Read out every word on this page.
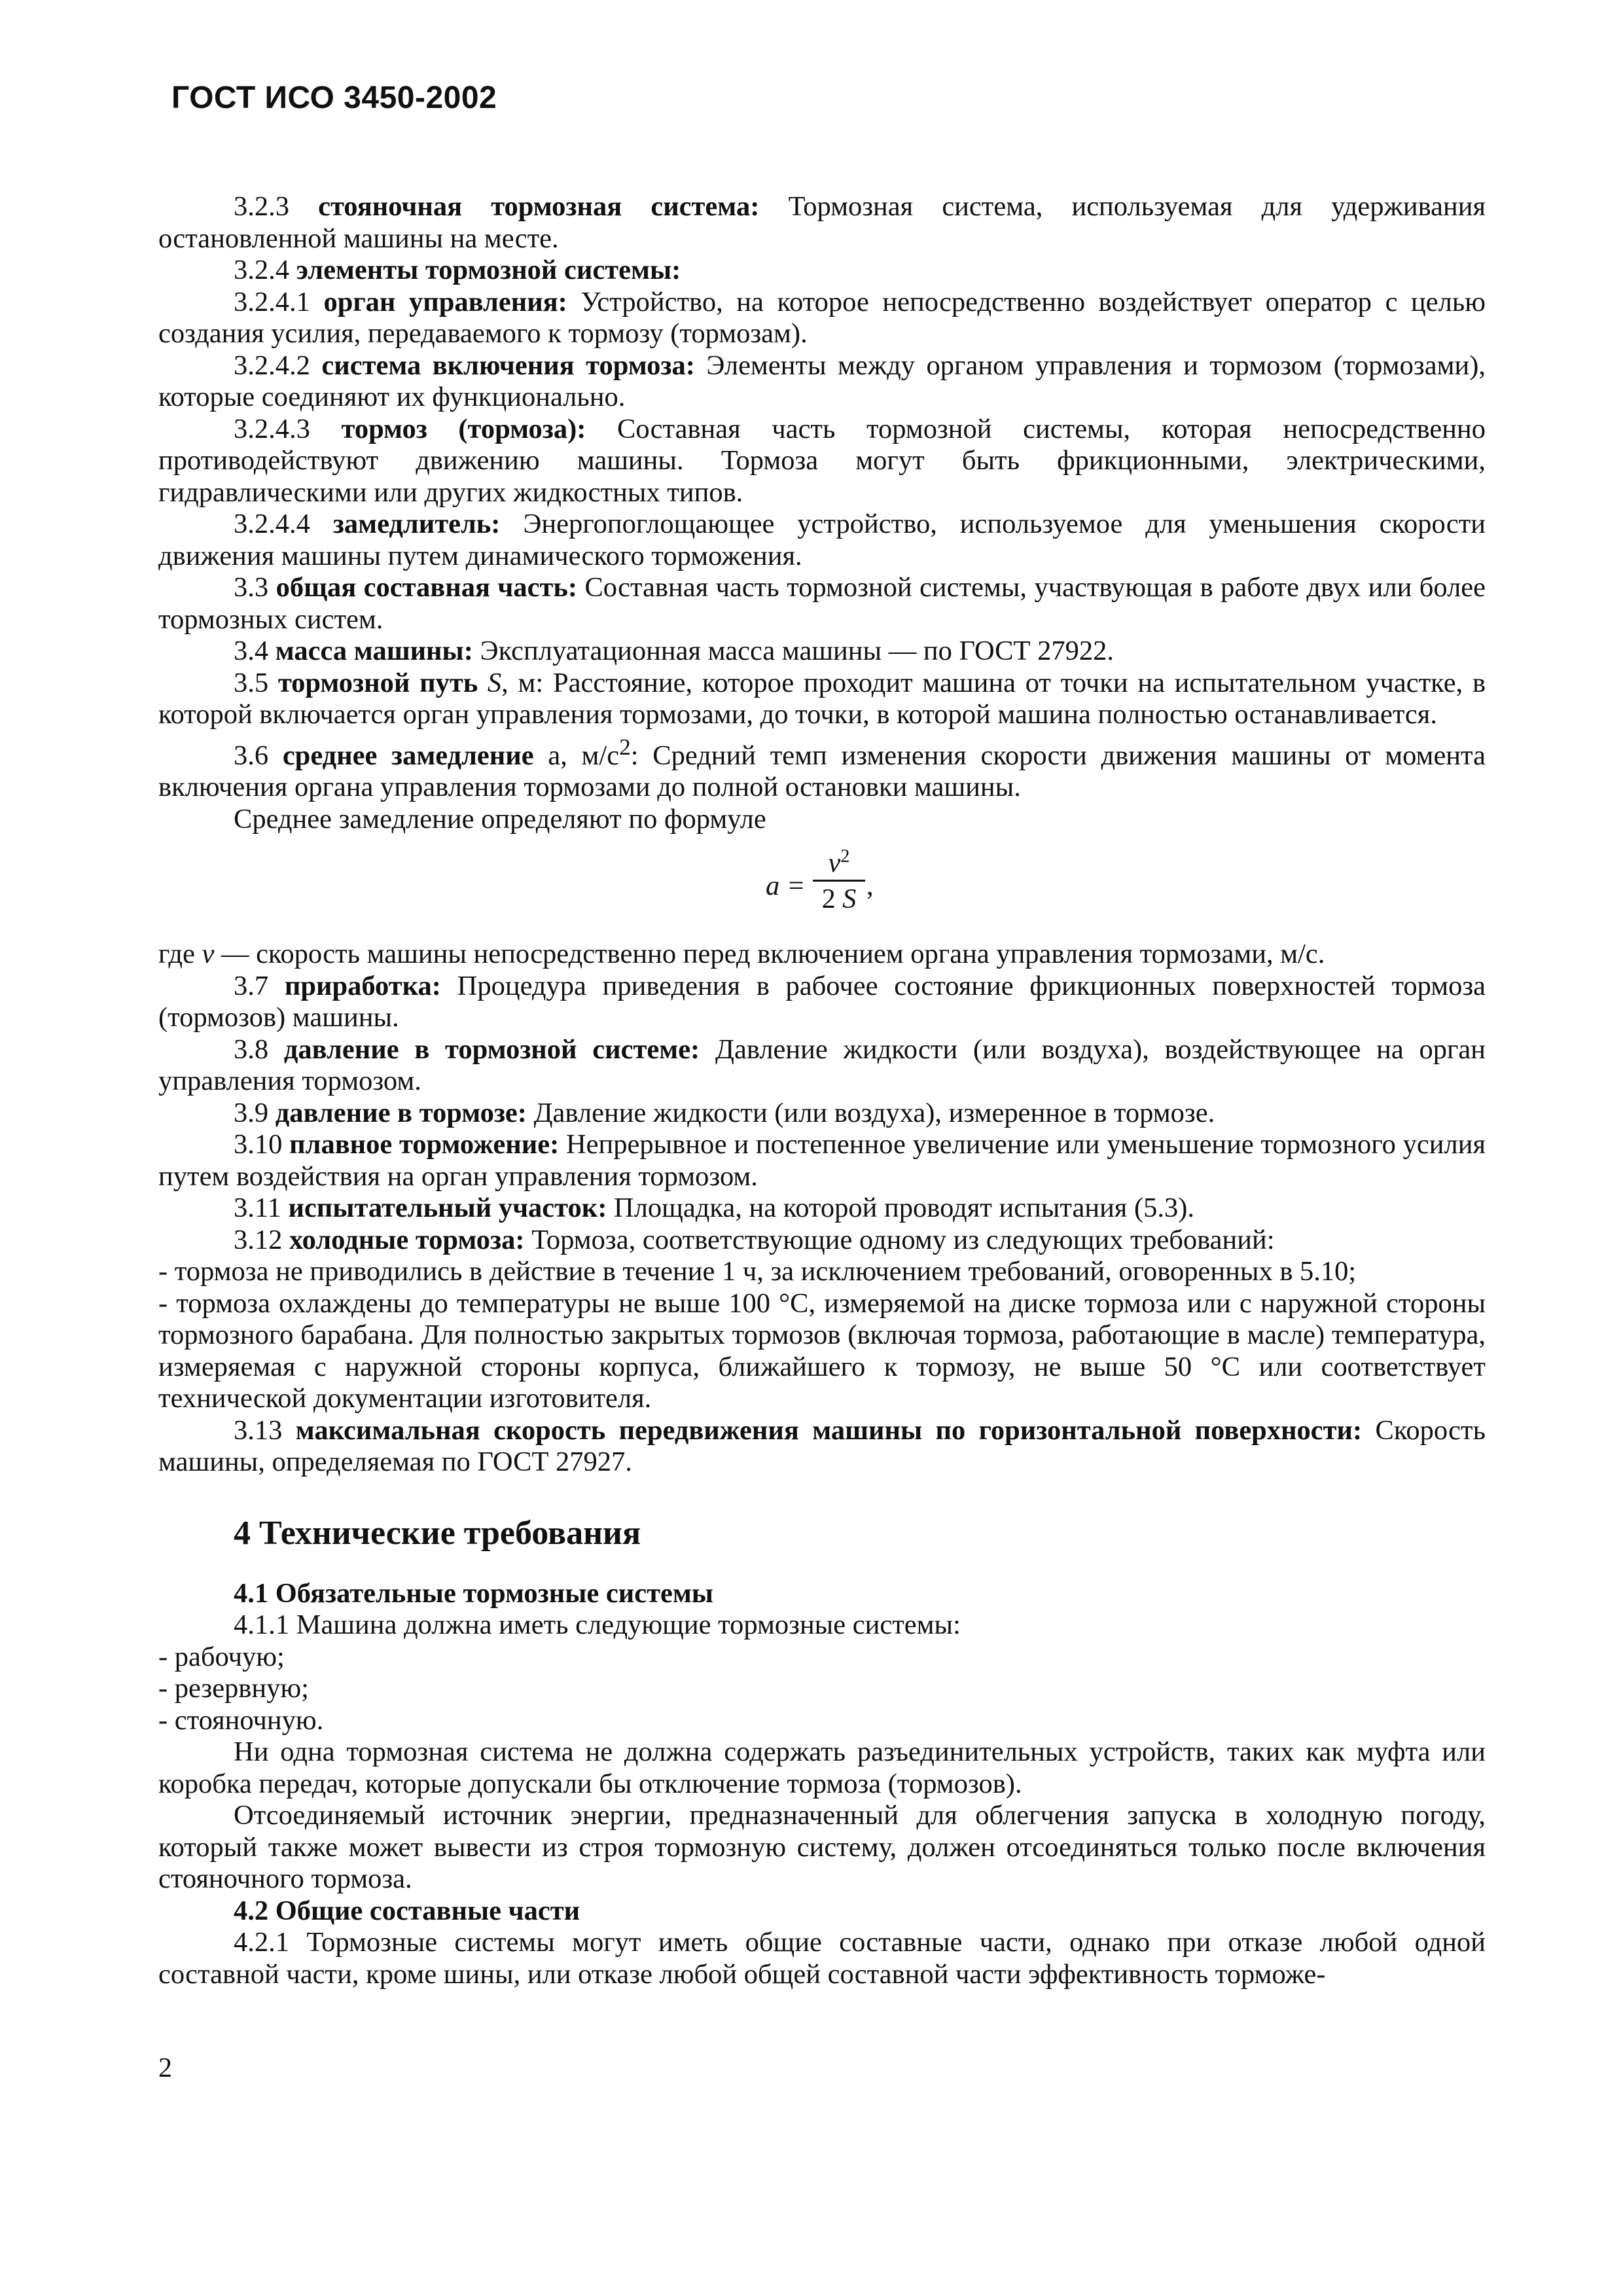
ГОСТ ИСО 3450-2002

3.2.3 стояночная тормозная система: Тормозная система, используемая для удерживания остановленной машины на месте.

3.2.4 элементы тормозной системы:

3.2.4.1 орган управления: Устройство, на которое непосредственно воздействует оператор с целью создания усилия, передаваемого к тормозу (тормозам).

3.2.4.2 система включения тормоза: Элементы между органом управления и тормозом (тормозами), которые соединяют их функционально.

3.2.4.3 тормоз (тормоза): Составная часть тормозной системы, которая непосредственно противодействуют движению машины. Тормоза могут быть фрикционными, электрическими, гидравлическими или других жидкостных типов.

3.2.4.4 замедлитель: Энергопоглощающее устройство, используемое для уменьшения скорости движения машины путем динамического торможения.

3.3 общая составная часть: Составная часть тормозной системы, участвующая в работе двух или более тормозных систем.

3.4 масса машины: Эксплуатационная масса машины — по ГОСТ 27922.

3.5 тормозной путь S, м: Расстояние, которое проходит машина от точки на испытательном участке, в которой включается орган управления тормозами, до точки, в которой машина полностью останавливается.

3.6 среднее замедление а, $м/с^2$: Средний темп изменения скорости движения машины от момента включения органа управления тормозами до полной остановки машины.

Среднее замедление определяют по формуле

a =
$v^2$
2 S ,

где v — скорость машины непосредственно перед включением органа управления тормозами, м/с.

3.7 приработка: Процедура приведения в рабочее состояние фрикционных поверхностей тормоза (тормозов) машины.

3.8 давление в тормозной системе: Давление жидкости (или воздуха), воздействующее на орган управления тормозом.

3.9 давление в тормозе: Давление жидкости (или воздуха), измеренное в тормозе.

3.10 плавное торможение: Непрерывное и постепенное увеличение или уменьшение тормозного усилия путем воздействия на орган управления тормозом.

3.11 испытательный участок: Площадка, на которой проводят испытания (5.3).

3.12 холодные тормоза: Тормоза, соответствующие одному из следующих требований:

- тормоза не приводились в действие в течение 1 ч, за исключением требований, оговоренных в 5.10;

- тормоза охлаждены до температуры не выше 100 °С, измеряемой на диске тормоза или с наружной стороны тормозного барабана. Для полностью закрытых тормозов (включая тормоза, работающие в масле) температура, измеряемая с наружной стороны корпуса, ближайшего к тормозу, не выше 50 °С или соответствует технической документации изготовителя.

3.13 максимальная скорость передвижения машины по горизонтальной поверхности: Скорость машины, определяемая по ГОСТ 27927.

4 Технические требования

4.1 Обязательные тормозные системы

4.1.1 Машина должна иметь следующие тормозные системы:

- рабочую;

- резервную;

- стояночную.

Ни одна тормозная система не должна содержать разъединительных устройств, таких как муфта или коробка передач, которые допускали бы отключение тормоза (тормозов).

Отсоединяемый источник энергии, предназначенный для облегчения запуска в холодную погоду, который также может вывести из строя тормозную систему, должен отсоединяться только после включения стояночного тормоза.

4.2 Общие составные части

4.2.1 Тормозные системы могут иметь общие составные части, однако при отказе любой одной составной части, кроме шины, или отказе любой общей составной части эффективность торможе-

2
